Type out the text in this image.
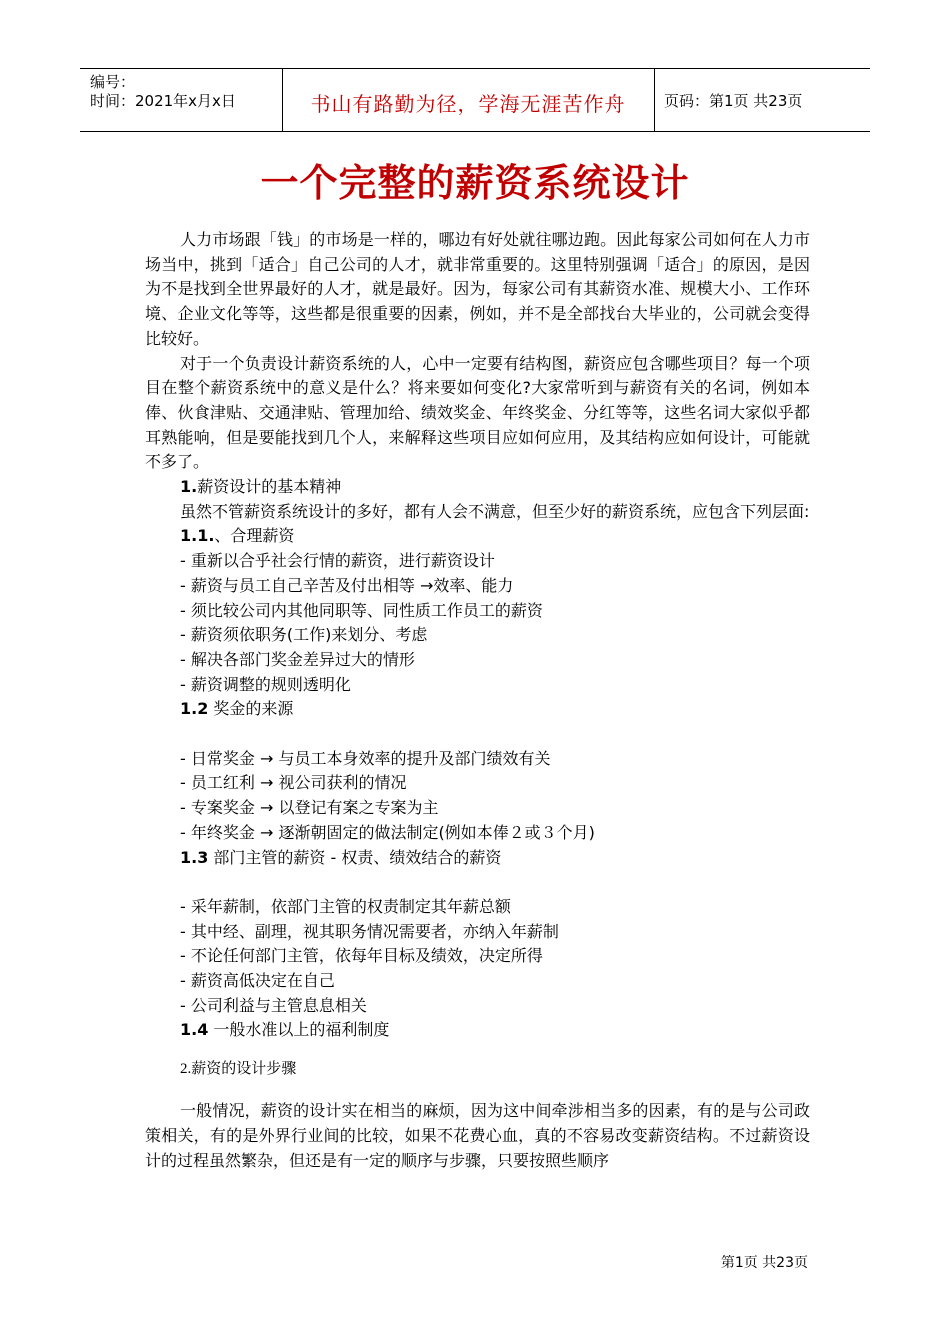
编号：
时间：2021年x月x日	书山有路勤为径，学海无涯苦作舟	页码：第1页 共23页
一个完整的薪资系统设计

人力市场跟「钱」的市场是一样的，哪边有好处就往哪边跑。因此每家公司如何在人力市场当中，挑到「适合」自己公司的人才，就非常重要的。这里特别强调「适合」的原因，是因为不是找到全世界最好的人才，就是最好。因为，每家公司有其薪资水准、规模大小、工作环境、企业文化等等，这些都是很重要的因素，例如，并不是全部找台大毕业的，公司就会变得比较好。

对于一个负责设计薪资系统的人，心中一定要有结构图，薪资应包含哪些项目？每一个项目在整个薪资系统中的意义是什么？将来要如何变化?大家常听到与薪资有关的名词，例如本俸、伙食津贴、交通津贴、管理加给、绩效奖金、年终奖金、分红等等，这些名词大家似乎都耳熟能响，但是要能找到几个人，来解释这些项目应如何应用，及其结构应如何设计，可能就不多了。

1.薪资设计的基本精神

虽然不管薪资系统设计的多好，都有人会不满意，但至少好的薪资系统，应包含下列层面:

1.1.、合理薪资
- 重新以合乎社会行情的薪资，进行薪资设计
- 薪资与员工自己辛苦及付出相等 →效率、能力
- 须比较公司内其他同职等、同性质工作员工的薪资
- 薪资须依职务(工作)来划分、考虑
- 解决各部门奖金差异过大的情形
- 薪资调整的规则透明化
1.2 奖金的来源
- 日常奖金 → 与员工本身效率的提升及部门绩效有关
- 员工红利 → 视公司获利的情况
- 专案奖金 → 以登记有案之专案为主
- 年终奖金 → 逐渐朝固定的做法制定(例如本俸２或３个月)
1.3 部门主管的薪资 - 权责、绩效结合的薪资
- 采年薪制，依部门主管的权责制定其年薪总额
- 其中经、副理，视其职务情况需要者，亦纳入年薪制
- 不论任何部门主管，依每年目标及绩效，决定所得
- 薪资高低决定在自己
- 公司利益与主管息息相关
1.4 一般水准以上的福利制度
2.薪资的设计步骤

一般情况，薪资的设计实在相当的麻烦，因为这中间牵涉相当多的因素，有的是与公司政策相关，有的是外界行业间的比较，如果不花费心血，真的不容易改变薪资结构。不过薪资设计的过程虽然繁杂，但还是有一定的顺序与步骤，只要按照些顺序

第1页 共23页
